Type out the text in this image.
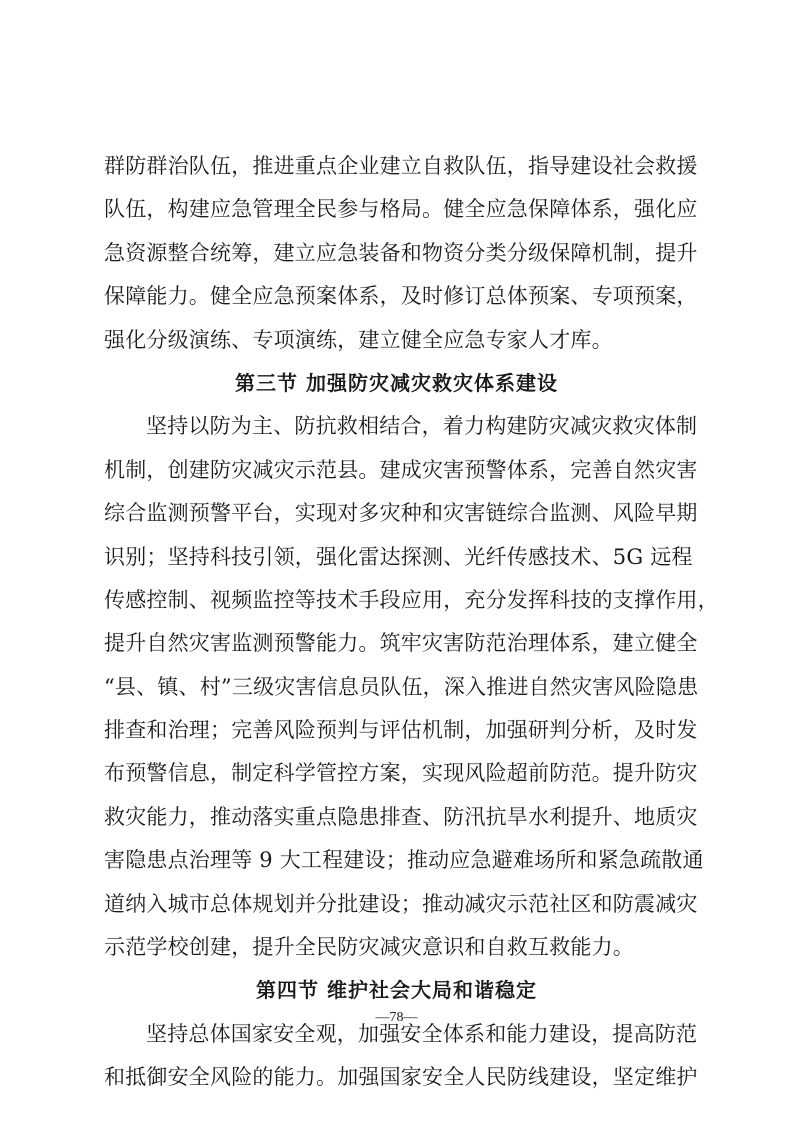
群防群治队伍，推进重点企业建立自救队伍，指导建设社会救援
队伍，构建应急管理全民参与格局。健全应急保障体系，强化应
急资源整合统筹，建立应急装备和物资分类分级保障机制，提升
保障能力。健全应急预案体系，及时修订总体预案、专项预案，
强化分级演练、专项演练，建立健全应急专家人才库。
第三节 加强防灾减灾救灾体系建设
坚持以防为主、防抗救相结合，着力构建防灾减灾救灾体制
机制，创建防灾减灾示范县。建成灾害预警体系，完善自然灾害
综合监测预警平台，实现对多灾种和灾害链综合监测、风险早期
识别；坚持科技引领，强化雷达探测、光纤传感技术、5G 远程
传感控制、视频监控等技术手段应用，充分发挥科技的支撑作用，
提升自然灾害监测预警能力。筑牢灾害防范治理体系，建立健全
“县、镇、村”三级灾害信息员队伍，深入推进自然灾害风险隐患
排查和治理；完善风险预判与评估机制，加强研判分析，及时发
布预警信息，制定科学管控方案，实现风险超前防范。提升防灾
救灾能力，推动落实重点隐患排查、防汛抗旱水利提升、地质灾
害隐患点治理等 9 大工程建设；推动应急避难场所和紧急疏散通
道纳入城市总体规划并分批建设；推动减灾示范社区和防震减灾
示范学校创建，提升全民防灾减灾意识和自救互救能力。
第四节 维护社会大局和谐稳定
坚持总体国家安全观，加强安全体系和能力建设，提高防范
和抵御安全风险的能力。加强国家安全人民防线建设，坚定维护
—78—
